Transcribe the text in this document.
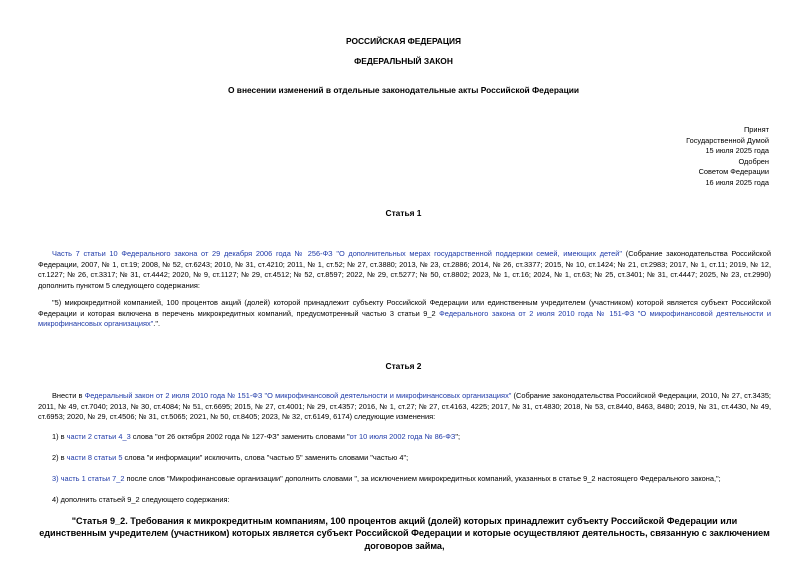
РОССИЙСКАЯ ФЕДЕРАЦИЯ
ФЕДЕРАЛЬНЫЙ ЗАКОН
О внесении изменений в отдельные законодательные акты Российской Федерации
Принят
Государственной Думой
15 июля 2025 года
Одобрен
Советом Федерации
16 июля 2025 года
Статья 1
Часть 7 статьи 10 Федерального закона от 29 декабря 2006 года № 256-ФЗ "О дополнительных мерах государственной поддержки семей, имеющих детей" (Собрание законодательства Российской Федерации, 2007, № 1, ст.19; 2008, № 52, ст.6243; 2010, № 31, ст.4210; 2011, № 1, ст.52; № 27, ст.3880; 2013, № 23, ст.2886; 2014, № 26, ст.3377; 2015, № 10, ст.1424; № 21, ст.2983; 2017, № 1, ст.11; 2019, № 12, ст.1227; № 26, ст.3317; № 31, ст.4442; 2020, № 9, ст.1127; № 29, ст.4512; № 52, ст.8597; 2022, № 29, ст.5277; № 50, ст.8802; 2023, № 1, ст.16; 2024, № 1, ст.63; № 25, ст.3401; № 31, ст.4447; 2025, № 23, ст.2990) дополнить пунктом 5 следующего содержания:
"5) микрокредитной компанией, 100 процентов акций (долей) которой принадлежит субъекту Российской Федерации или единственным учредителем (участником) которой является субъект Российской Федерации и которая включена в перечень микрокредитных компаний, предусмотренный частью 3 статьи 9_2 Федерального закона от 2 июля 2010 года № 151-ФЗ "О микрофинансовой деятельности и микрофинансовых организациях".".
Статья 2
Внести в Федеральный закон от 2 июля 2010 года № 151-ФЗ "О микрофинансовой деятельности и микрофинансовых организациях" (Собрание законодательства Российской Федерации, 2010, № 27, ст.3435; 2011, № 49, ст.7040; 2013, № 30, ст.4084; № 51, ст.6695; 2015, № 27, ст.4001; № 29, ст.4357; 2016, № 1, ст.27; № 27, ст.4163, 4225; 2017, № 31, ст.4830; 2018, № 53, ст.8440, 8463, 8480; 2019, № 31, ст.4430, № 49, ст.6953; 2020, № 29, ст.4506; № 31, ст.5065; 2021, № 50, ст.8405; 2023, № 32, ст.6149, 6174) следующие изменения:
1) в части 2 статьи 4_3 слова "от 26 октября 2002 года № 127-ФЗ" заменить словами "от 10 июля 2002 года № 86-ФЗ";
2) в части 8 статьи 5 слова "и информации" исключить, слова "частью 5" заменить словами "частью 4";
3) часть 1 статьи 7_2 после слов "Микрофинансовые организации" дополнить словами ", за исключением микрокредитных компаний, указанных в статье 9_2 настоящего Федерального закона,";
4) дополнить статьей 9_2 следующего содержания:
"Статья 9_2. Требования к микрокредитным компаниям, 100 процентов акций (долей) которых принадлежит субъекту Российской Федерации или единственным учредителем (участником) которых является субъект Российской Федерации и которые осуществляют деятельность, связанную с заключением договоров займа,
